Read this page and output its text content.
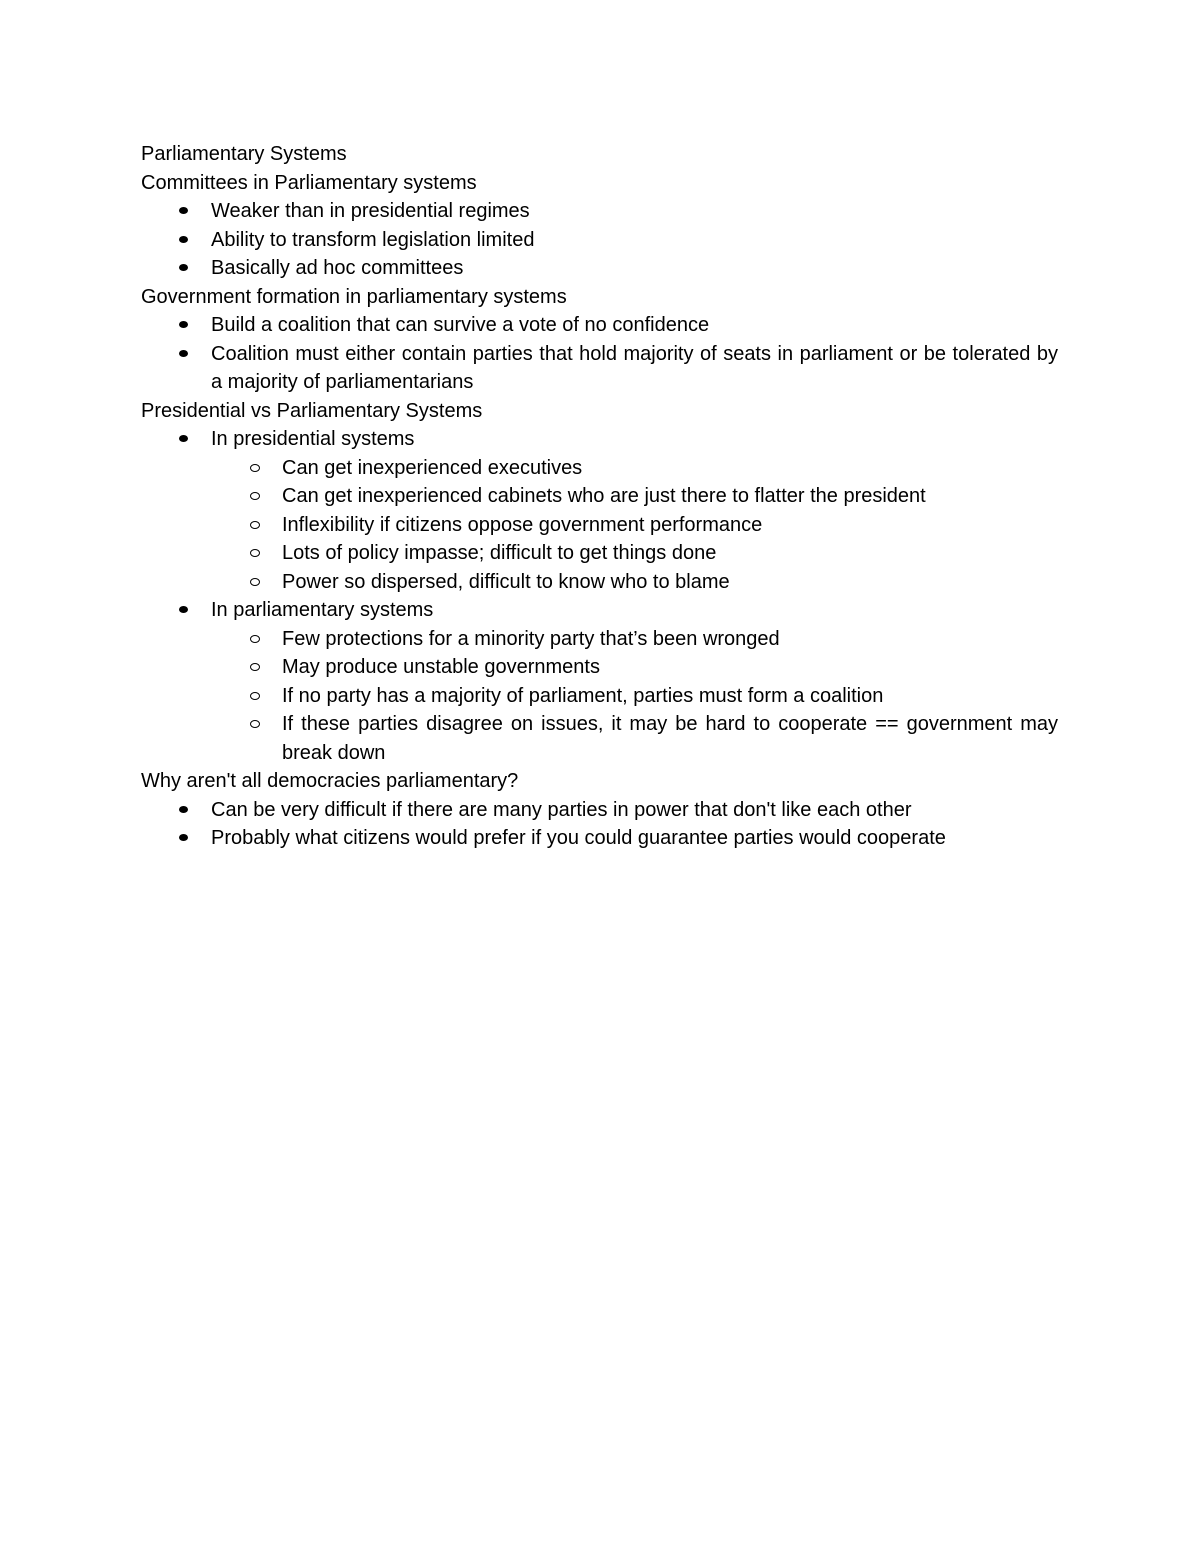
Parliamentary Systems

Committees in Parliamentary systems

Weaker than in presidential regimes
Ability to transform legislation limited
Basically ad hoc committees

Government formation in parliamentary systems

Build a coalition that can survive a vote of no confidence
Coalition must either contain parties that hold majority of seats in parliament or be tolerated by a majority of parliamentarians

Presidential vs Parliamentary Systems

In presidential systems
Can get inexperienced executives
Can get inexperienced cabinets who are just there to flatter the president
Inflexibility if citizens oppose government performance
Lots of policy impasse; difficult to get things done
Power so dispersed, difficult to know who to blame
In parliamentary systems
Few protections for a minority party that’s been wronged
May produce unstable governments
If no party has a majority of parliament, parties must form a coalition
If these parties disagree on issues, it may be hard to cooperate == government may break down

Why aren't all democracies parliamentary?

Can be very difficult if there are many parties in power that don't like each other
Probably what citizens would prefer if you could guarantee parties would cooperate
